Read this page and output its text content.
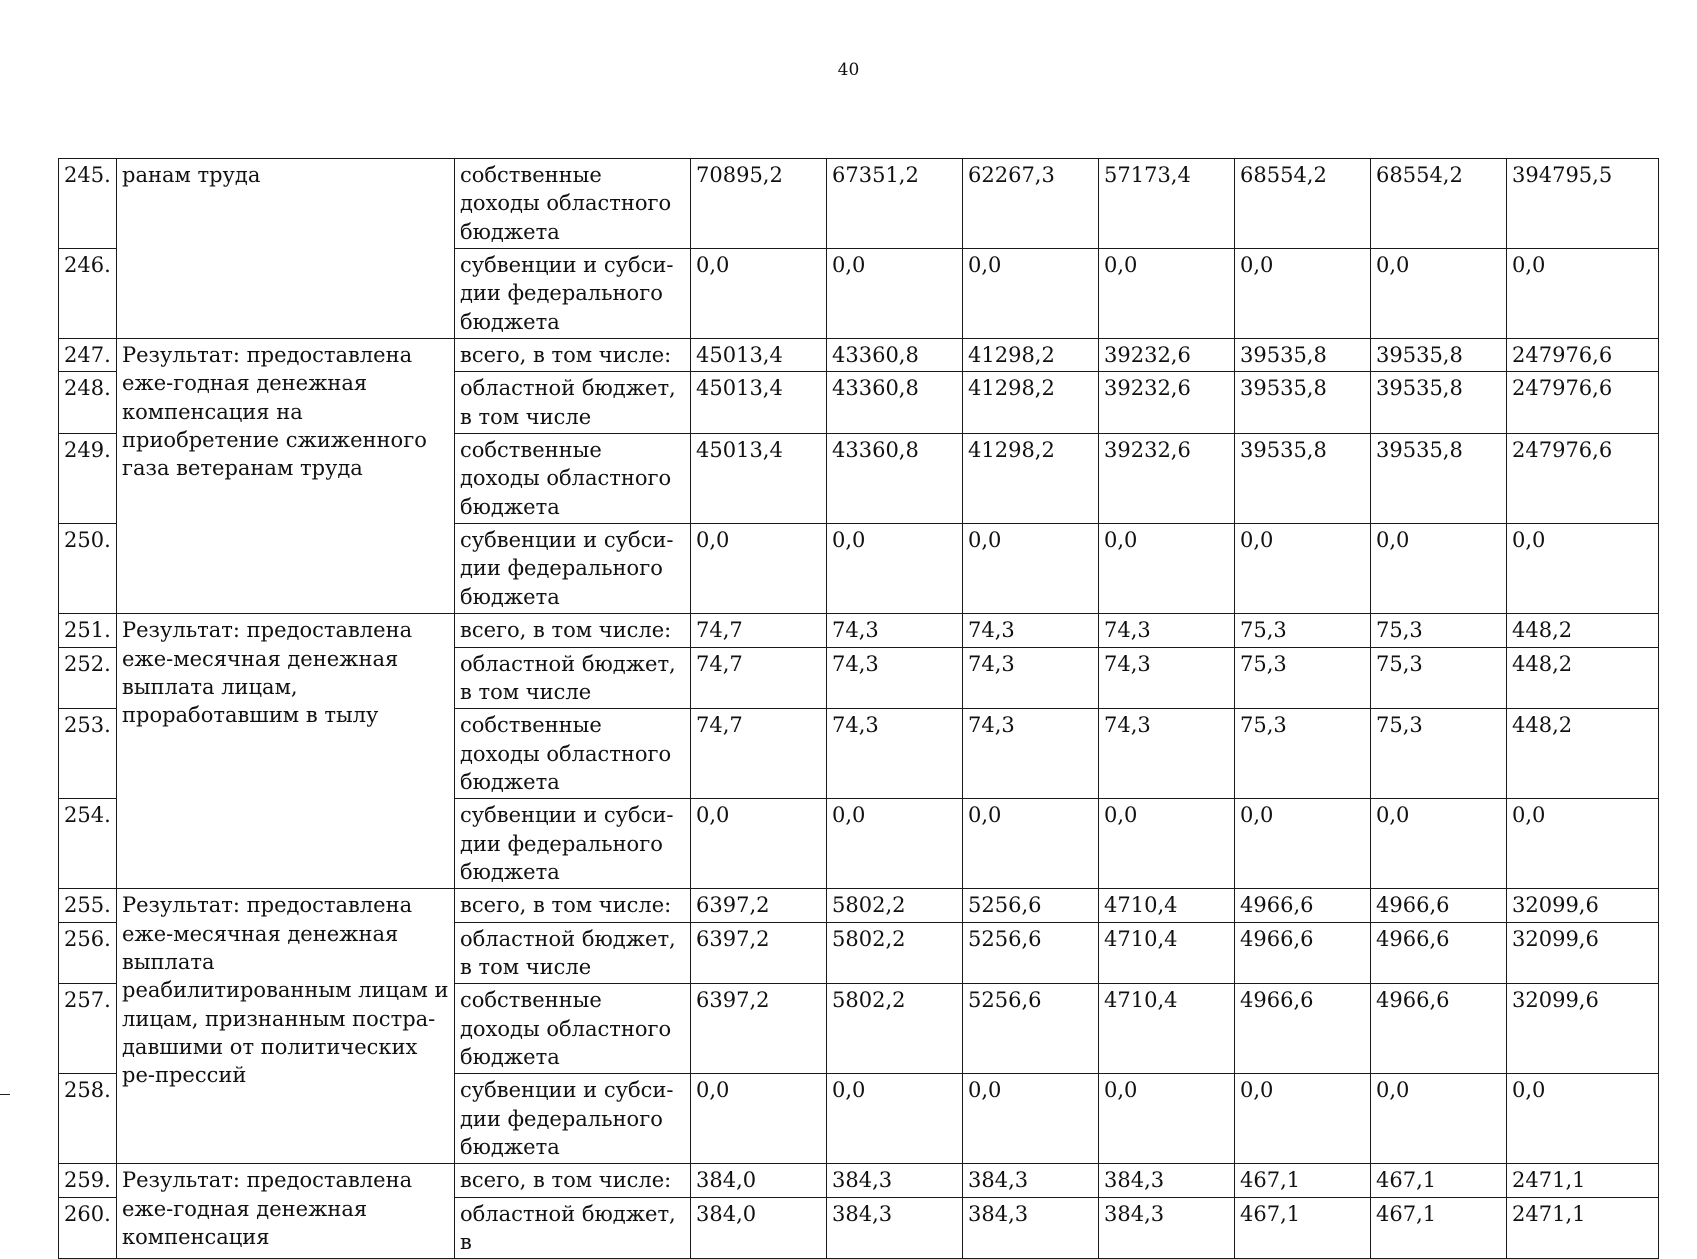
40
245.	ранам труда	собственные доходы областного бюджета	70895,2	67351,2	62267,3	57173,4	68554,2	68554,2	394795,5
246.		субвенции и субси-дии федерального бюджета	0,0	0,0	0,0	0,0	0,0	0,0	0,0
247.	Результат: предоставлена еже-годная денежная компенсация на приобретение сжиженного газа ветеранам труда	всего, в том числе:	45013,4	43360,8	41298,2	39232,6	39535,8	39535,8	247976,6
248.		областной бюджет, в том числе	45013,4	43360,8	41298,2	39232,6	39535,8	39535,8	247976,6
249.		собственные доходы областного бюджета	45013,4	43360,8	41298,2	39232,6	39535,8	39535,8	247976,6
250.		субвенции и субси-дии федерального бюджета	0,0	0,0	0,0	0,0	0,0	0,0	0,0
251.	Результат: предоставлена еже-месячная денежная выплата лицам, проработавшим в тылу	всего, в том числе:	74,7	74,3	74,3	74,3	75,3	75,3	448,2
252.		областной бюджет, в том числе	74,7	74,3	74,3	74,3	75,3	75,3	448,2
253.		собственные доходы областного бюджета	74,7	74,3	74,3	74,3	75,3	75,3	448,2
254.		субвенции и субси-дии федерального бюджета	0,0	0,0	0,0	0,0	0,0	0,0	0,0
255.	Результат: предоставлена еже-месячная денежная выплата реабилитированным лицам и лицам, признанным постра-давшими от политических ре-прессий	всего, в том числе:	6397,2	5802,2	5256,6	4710,4	4966,6	4966,6	32099,6
256.		областной бюджет, в том числе	6397,2	5802,2	5256,6	4710,4	4966,6	4966,6	32099,6
257.		собственные доходы областного бюджета	6397,2	5802,2	5256,6	4710,4	4966,6	4966,6	32099,6
258.		субвенции и субси-дии федерального бюджета	0,0	0,0	0,0	0,0	0,0	0,0	0,0
259.	Результат: предоставлена еже-годная денежная компенсация	всего, в том числе:	384,0	384,3	384,3	384,3	467,1	467,1	2471,1
260.		областной бюджет, в	384,0	384,3	384,3	384,3	467,1	467,1	2471,1
